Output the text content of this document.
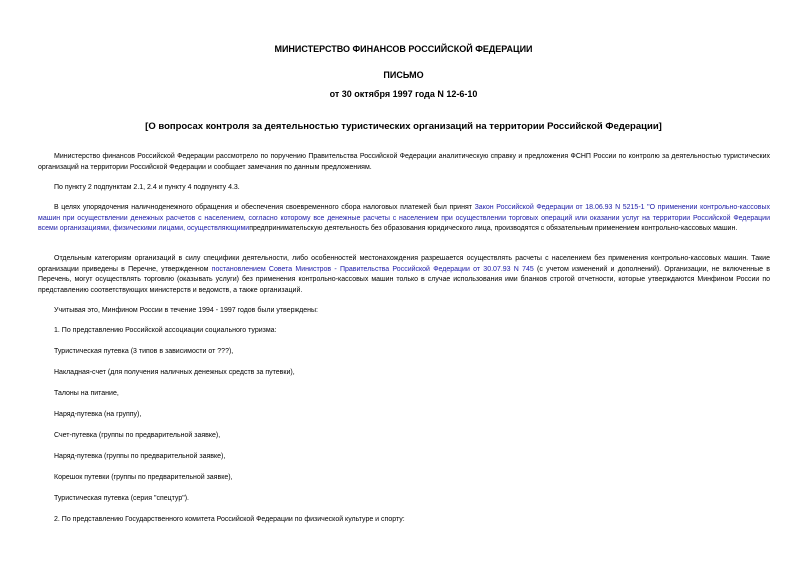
МИНИСТЕРСТВО ФИНАНСОВ РОССИЙСКОЙ ФЕДЕРАЦИИ
ПИСЬМО
от 30 октября 1997 года N 12-6-10
[О вопросах контроля за деятельностью туристических организаций на территории Российской Федерации]
Министерство финансов Российской Федерации рассмотрело по поручению Правительства Российской Федерации аналитическую справку и предложения ФСНП России по контролю за деятельностью туристических организаций на территории Российской Федерации и сообщает замечания по данным предложениям.
По пункту 2 подпунктам 2.1, 2.4 и пункту 4 подпункту 4.3.
В целях упорядочения наличноденежного обращения и обеспечения своевременного сбора налоговых платежей был принят Закон Российской Федерации от 18.06.93 N 5215-1 "О применении контрольно-кассовых машин при осуществлении денежных расчетов с населением, согласно которому все денежные расчеты с населением при осуществлении торговых операций или оказании услуг на территории Российской Федерации всеми организациями, физическими лицами, осуществляющимипредпринимательскую деятельность без образования юридического лица, производятся с обязательным применением контрольно-кассовых машин.
Отдельным категориям организаций в силу специфики деятельности, либо особенностей местонахождения разрешается осуществлять расчеты с населением без применения контрольно-кассовых машин. Такие организации приведены в Перечне, утвержденном постановлением Совета Министров - Правительства Российской Федерации от 30.07.93 N 745 (с учетом изменений и дополнений). Организации, не включенные в Перечень, могут осуществлять торговлю (оказывать услуги) без применения контрольно-кассовых машин только в случае использования ими бланков строгой отчетности, которые утверждаются Минфином России по представлению соответствующих министерств и ведомств, а также организаций.
Учитывая это, Минфином России в течение 1994 - 1997 годов были утверждены:
1. По представлению Российской ассоциации социального туризма:
Туристическая путевка (3 типов в зависимости от ???),
Накладная-счет (для получения наличных денежных средств за путевки),
Талоны на питание,
Наряд-путевка (на группу),
Счет-путевка (группы по предварительной заявке),
Наряд-путевка (группы по предварительной заявке),
Корешок путевки (группы по предварительной заявке),
Туристическая путевка (серия "спецтур").
2. По представлению Государственного комитета Российской Федерации по физической культуре и спорту:
